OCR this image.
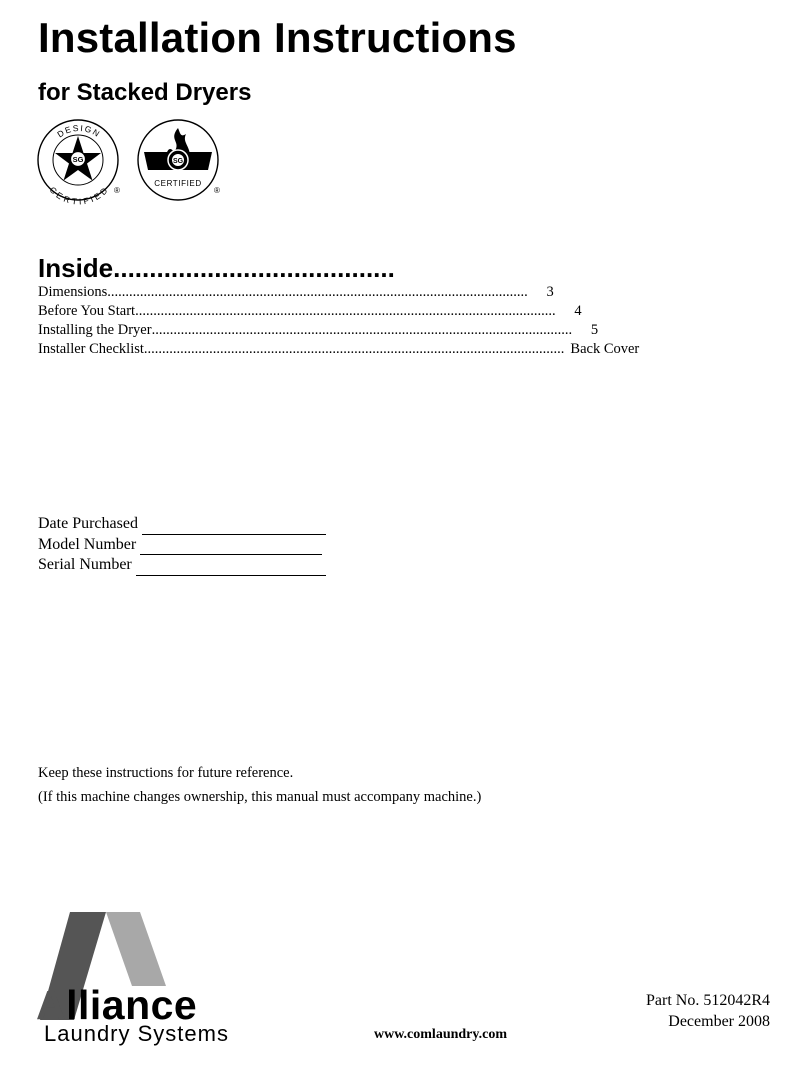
Installation Instructions
for Stacked Dryers
DESIGN
CERTIFIED
SG
®
SG
CERTIFIED
®
Inside.......................................
Dimensions ....................................................................................................................	3
Before You Start ....................................................................................................................	4
Installing the Dryer ....................................................................................................................	5
Installer Checklist .................................................................................................................... Back Cover
Date Purchased
Model Number
Serial Number
Keep these instructions for future reference.
(If this machine changes ownership, this manual must accompany machine.)
Alliance
Laundry Systems	www.comlaundry.com
Part No. 512042R4
December 2008
